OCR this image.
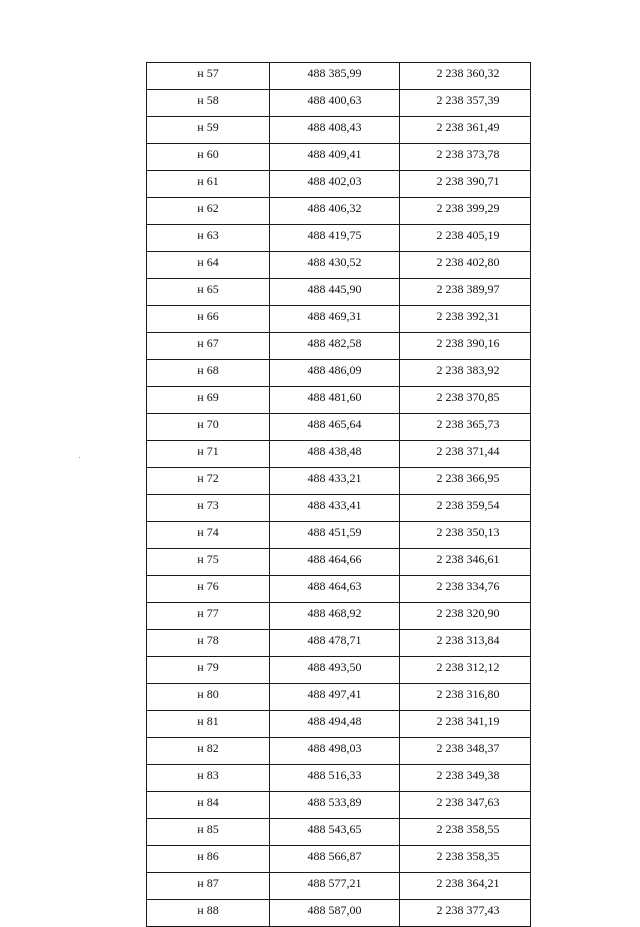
н 57	488 385,99	2 238 360,32
н 58	488 400,63	2 238 357,39
н 59	488 408,43	2 238 361,49
н 60	488 409,41	2 238 373,78
н 61	488 402,03	2 238 390,71
н 62	488 406,32	2 238 399,29
н 63	488 419,75	2 238 405,19
н 64	488 430,52	2 238 402,80
н 65	488 445,90	2 238 389,97
н 66	488 469,31	2 238 392,31
н 67	488 482,58	2 238 390,16
н 68	488 486,09	2 238 383,92
н 69	488 481,60	2 238 370,85
н 70	488 465,64	2 238 365,73
н 71	488 438,48	2 238 371,44
н 72	488 433,21	2 238 366,95
н 73	488 433,41	2 238 359,54
н 74	488 451,59	2 238 350,13
н 75	488 464,66	2 238 346,61
н 76	488 464,63	2 238 334,76
н 77	488 468,92	2 238 320,90
н 78	488 478,71	2 238 313,84
н 79	488 493,50	2 238 312,12
н 80	488 497,41	2 238 316,80
н 81	488 494,48	2 238 341,19
н 82	488 498,03	2 238 348,37
н 83	488 516,33	2 238 349,38
н 84	488 533,89	2 238 347,63
н 85	488 543,65	2 238 358,55
н 86	488 566,87	2 238 358,35
н 87	488 577,21	2 238 364,21
н 88	488 587,00	2 238 377,43
